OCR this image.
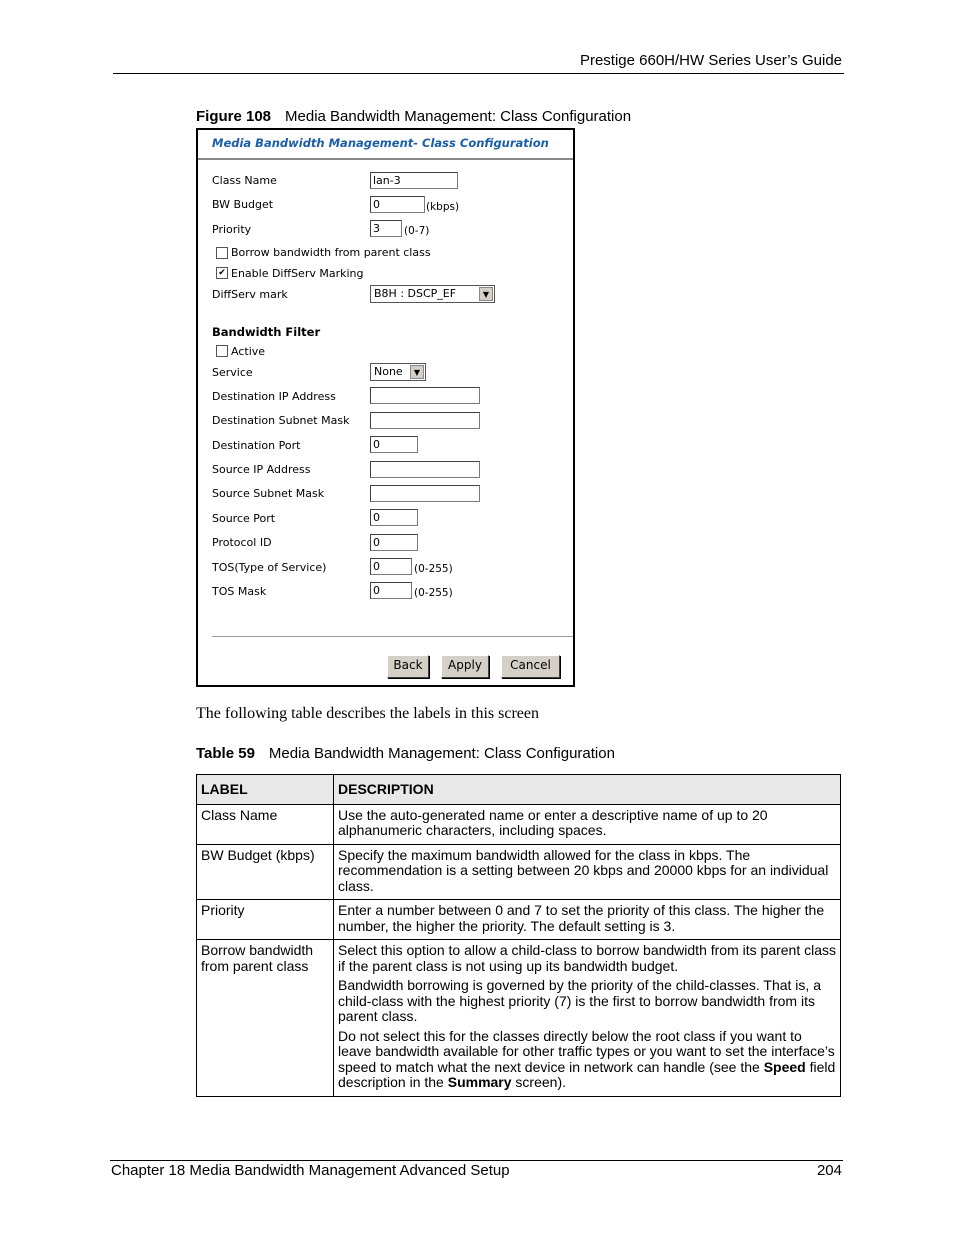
Prestige 660H/HW Series User’s Guide
Figure 108 Media Bandwidth Management: Class Configuration
Media Bandwidth Management- Class Configuration
Class Name	lan-3
BW Budget	0	(kbps)
Priority	3	(0-7)
Borrow bandwidth from parent class
✔ Enable DiffServ Marking
DiffServ mark	B8H : DSCP_EF	▼
Bandwidth Filter
Active
Service	None	▼
Destination IP Address
Destination Subnet Mask
Destination Port	0
Source IP Address
Source Subnet Mask
Source Port	0
Protocol ID	0
TOS(Type of Service)	0	(0-255)
TOS Mask	0	(0-255)
Back	Apply	Cancel
The following table describes the labels in this screen
Table 59 Media Bandwidth Management: Class Configuration
LABEL	DESCRIPTION
Class Name	Use the auto-generated name or enter a descriptive name of up to 20 alphanumeric characters, including spaces.
BW Budget (kbps)	Specify the maximum bandwidth allowed for the class in kbps. The recommendation is a setting between 20 kbps and 20000 kbps for an individual class.
Priority	Enter a number between 0 and 7 to set the priority of this class. The higher the number, the higher the priority. The default setting is 3.
Borrow bandwidth from parent class	Select this option to allow a child-class to borrow bandwidth from its parent class if the parent class is not using up its bandwidth budget.

Bandwidth borrowing is governed by the priority of the child-classes. That is, a child-class with the highest priority (7) is the first to borrow bandwidth from its parent class.

Do not select this for the classes directly below the root class if you want to leave bandwidth available for other traffic types or you want to set the interface’s speed to match what the next device in network can handle (see the Speed field description in the Summary screen).

Chapter 18 Media Bandwidth Management Advanced Setup	204
